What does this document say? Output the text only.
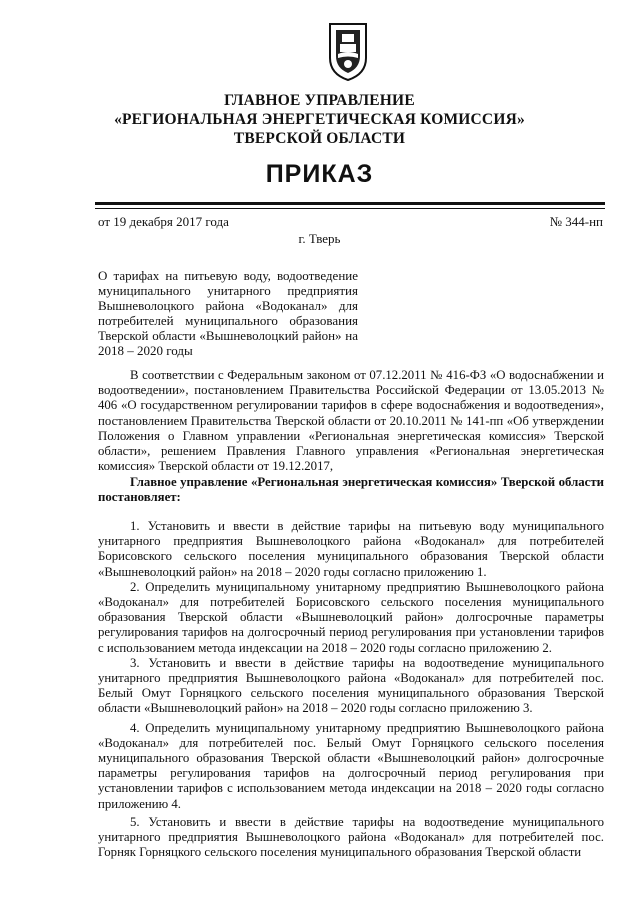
ГЛАВНОЕ УПРАВЛЕНИЕ
«РЕГИОНАЛЬНАЯ ЭНЕРГЕТИЧЕСКАЯ КОМИССИЯ»
ТВЕРСКОЙ ОБЛАСТИ
ПРИКАЗ
от 19 декабря 2017 года	№ 344-нп
г. Тверь
О тарифах на питьевую воду, водоотведение муниципального унитарного предприятия Вышневолоцкого района «Водоканал» для потребителей муниципального образования Тверской области «Вышневолоцкий район» на 2018 – 2020 годы

В соответствии с Федеральным законом от 07.12.2011 № 416-ФЗ «О водоснабжении и водоотведении», постановлением Правительства Российской Федерации от 13.05.2013 № 406 «О государственном регулировании тарифов в сфере водоснабжения и водоотведения», постановлением Правительства Тверской области от 20.10.2011 № 141-пп «Об утверждении Положения о Главном управлении «Региональная энергетическая комиссия» Тверской области», решением Правления Главного управления «Региональная энергетическая комиссия» Тверской области от 19.12.2017,

Главное управление «Региональная энергетическая комиссия» Тверской области постановляет:

1. Установить и ввести в действие тарифы на питьевую воду муниципального унитарного предприятия Вышневолоцкого района «Водоканал» для потребителей Борисовского сельского поселения муниципального образования Тверской области «Вышневолоцкий район» на 2018 – 2020 годы согласно приложению 1.

2. Определить муниципальному унитарному предприятию Вышневолоцкого района «Водоканал» для потребителей Борисовского сельского поселения муниципального образования Тверской области «Вышневолоцкий район» долгосрочные параметры регулирования тарифов на долгосрочный период регулирования при установлении тарифов с использованием метода индексации на 2018 – 2020 годы согласно приложению 2.

3. Установить и ввести в действие тарифы на водоотведение муниципального унитарного предприятия Вышневолоцкого района «Водоканал» для потребителей пос. Белый Омут Горняцкого сельского поселения муниципального образования Тверской области «Вышневолоцкий район» на 2018 – 2020 годы согласно приложению 3.

4. Определить муниципальному унитарному предприятию Вышневолоцкого района «Водоканал» для потребителей пос. Белый Омут Горняцкого сельского поселения муниципального образования Тверской области «Вышневолоцкий район» долгосрочные параметры регулирования тарифов на долгосрочный период регулирования при установлении тарифов с использованием метода индексации на 2018 – 2020 годы согласно приложению 4.

5. Установить и ввести в действие тарифы на водоотведение муниципального унитарного предприятия Вышневолоцкого района «Водоканал» для потребителей пос. Горняк Горняцкого сельского поселения муниципального образования Тверской области
